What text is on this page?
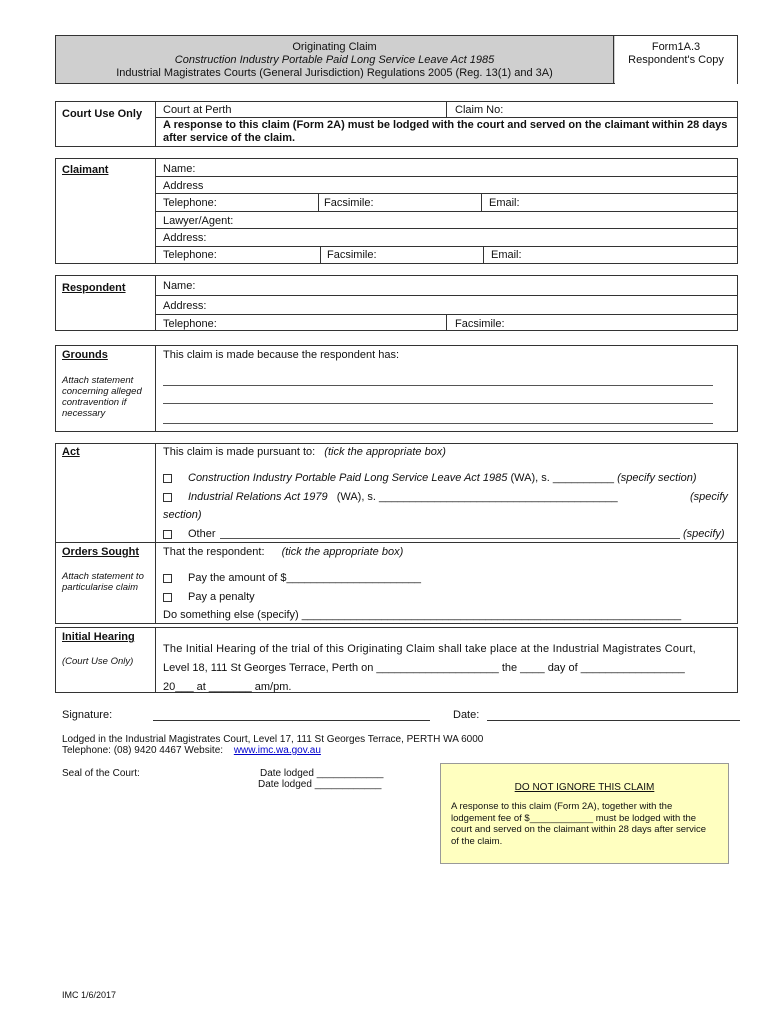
Originating Claim
Construction Industry Portable Paid Long Service Leave Act 1985
Industrial Magistrates Courts (General Jurisdiction) Regulations 2005 (Reg. 13(1) and 3A)
Form1A.3
Respondent's Copy
Court Use Only Court at Perth	Claim No:
A response to this claim (Form 2A) must be lodged with the court and served on the claimant within 28 days after service of the claim.
Claimant	Name:
Address
Telephone:	Facsimile:	Email:
Lawyer/Agent:
Address:
Telephone:	Facsimile:	Email:
Respondent	Name:
Address:
Telephone:	Facsimile:
Grounds
Attach statement concerning alleged contravention if necessary
This claim is made because the respondent has:
Act	This claim is made pursuant to: (tick the appropriate box)
Construction Industry Portable Paid Long Service Leave Act 1985 (WA), s. __________ (specify section)
Industrial Relations Act 1979 (WA), s. _______________________________________	(specify
section)
Other	(specify)
Orders Sought
Attach statement to particularise claim
That the respondent: (tick the appropriate box)
Pay the amount of $______________________
Pay a penalty
Do something else (specify) ______________________________________________________________
Initial Hearing
(Court Use Only)
The Initial Hearing of the trial of this Originating Claim shall take place at the Industrial Magistrates Court,
Level 18, 111 St Georges Terrace, Perth on ____________________ the ____ day of _________________
20___ at _______ am/pm.
Signature:	Date:
Lodged in the Industrial Magistrates Court, Level 17, 111 St Georges Terrace, PERTH WA 6000
Telephone: (08) 9420 4467 Website: www.imc.wa.gov.au
Seal of the Court:	Date lodged ____________
Date lodged ____________	DO NOT IGNORE THIS CLAIM
A response to this claim (Form 2A), together with the lodgement fee of $____________ must be lodged with the court and served on the claimant within 28 days after service of the claim.
IMC 1/6/2017
